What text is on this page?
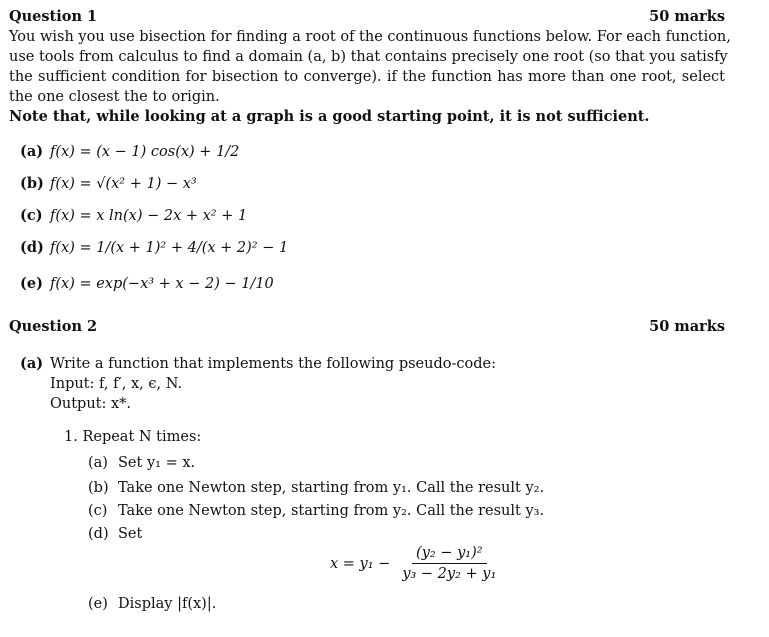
Question 1	50 marks
You wish you use bisection for finding a root of the continuous functions below. For each function,
use tools from calculus to find a domain (a, b) that contains precisely one root (so that you satisfy
the sufficient condition for bisection to converge). if the function has more than one root, select
the one closest the to origin.
Note that, while looking at a graph is a good starting point, it is not sufficient.
(a) f(x) = (x − 1) cos(x) + 1/2
(b) f(x) = √(x² + 1) − x³
(c) f(x) = x ln(x) − 2x + x² + 1
(d) f(x) = 1/(x + 1)² + 4/(x + 2)² − 1
(e) f(x) = exp(−x³ + x − 2) − 1/10
Question 2	50 marks
(a) Write a function that implements the following pseudo-code:
Input: f, f′, x, ϵ, N.
Output: x*.
1. Repeat N times:
(a) Set y₁ = x.
(b) Take one Newton step, starting from y₁. Call the result y₂.
(c) Take one Newton step, starting from y₂. Call the result y₃.
(d) Set
$x = y_1 - \frac{\text{(y₂ − y₁)²}}{\text{y₃ − 2y₂ + y₁}}$
(e) Display |f(x)|.
